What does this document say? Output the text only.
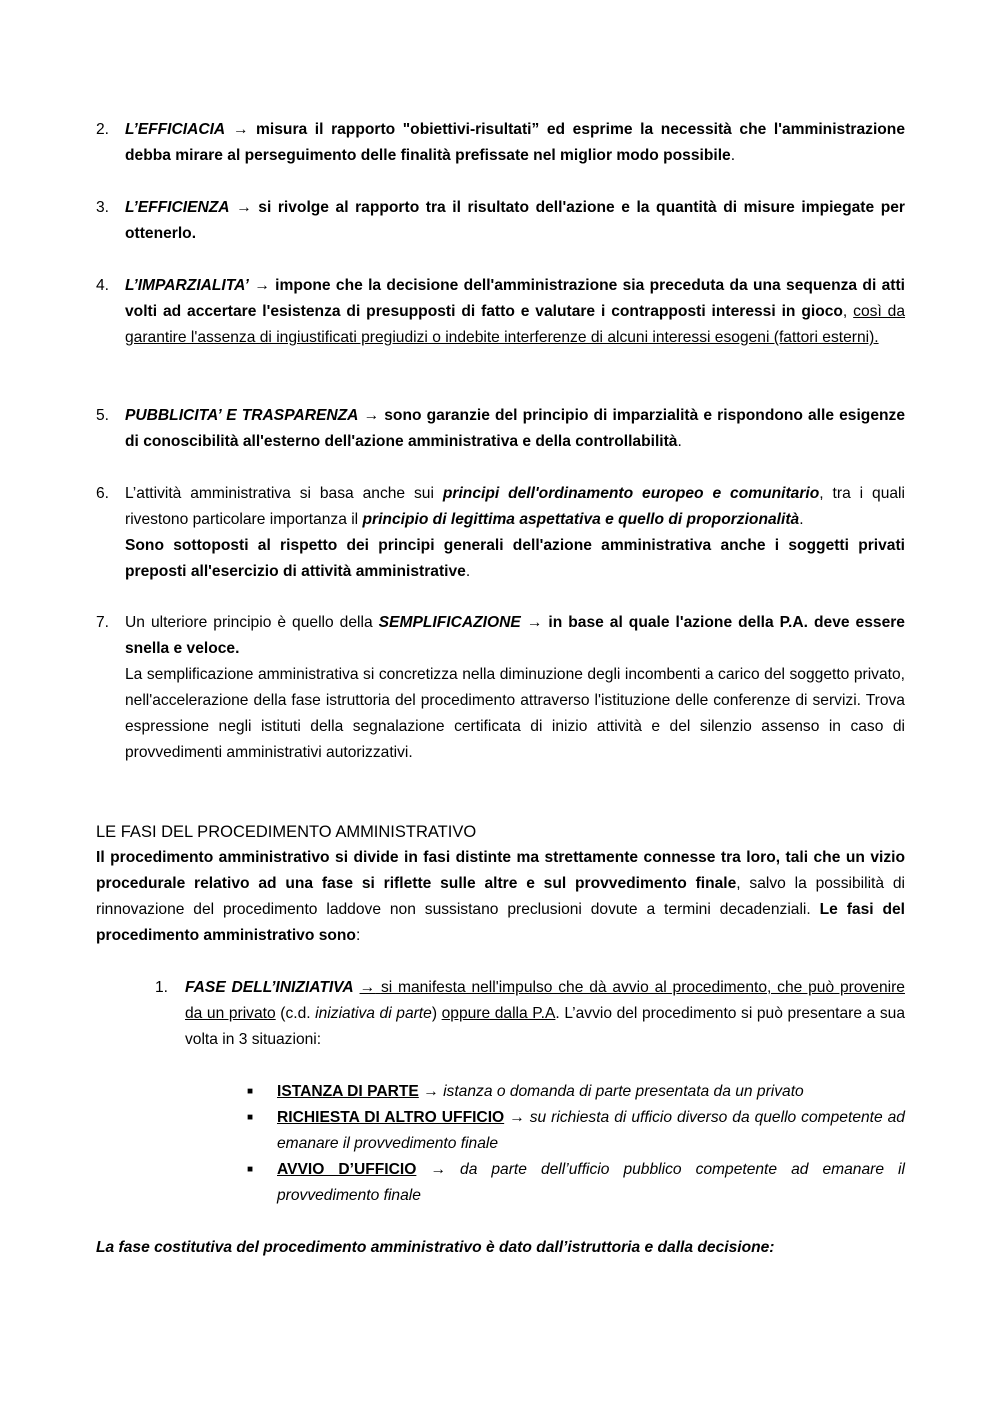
2.	L’EFFICIACIA → misura il rapporto "obiettivi-risultati” ed esprime la necessità che l'amministrazione debba mirare al perseguimento delle finalità prefissate nel miglior modo possibile.
3.	L’EFFICIENZA → si rivolge al rapporto tra il risultato dell'azione e la quantità di misure impiegate per ottenerlo.
4.	L’IMPARZIALITA’ → impone che la decisione dell'amministrazione sia preceduta da una sequenza di atti volti ad accertare l'esistenza di presupposti di fatto e valutare i contrapposti interessi in gioco, così da garantire l'assenza di ingiustificati pregiudizi o indebite interferenze di alcuni interessi esogeni (fattori esterni).
5.	PUBBLICITA’ E TRASPARENZA → sono garanzie del principio di imparzialità e rispondono alle esigenze di conoscibilità all'esterno dell'azione amministrativa e della controllabilità.
6.	L’attività amministrativa si basa anche sui principi dell'ordinamento europeo e comunitario, tra i quali rivestono particolare importanza il principio di legittima aspettativa e quello di proporzionalità.
Sono sottoposti al rispetto dei principi generali dell'azione amministrativa anche i soggetti privati preposti all'esercizio di attività amministrative.
7.	Un ulteriore principio è quello della SEMPLIFICAZIONE → in base al quale l'azione della P.A. deve essere snella e veloce.
La semplificazione amministrativa si concretizza nella diminuzione degli incombenti a carico del soggetto privato, nell'accelerazione della fase istruttoria del procedimento attraverso l'istituzione delle conferenze di servizi. Trova espressione negli istituti della segnalazione certificata di inizio attività e del silenzio assenso in caso di provvedimenti amministrativi autorizzativi.
LE FASI DEL PROCEDIMENTO AMMINISTRATIVO
Il procedimento amministrativo si divide in fasi distinte ma strettamente connesse tra loro, tali che un vizio procedurale relativo ad una fase si riflette sulle altre e sul provvedimento finale, salvo la possibilità di rinnovazione del procedimento laddove non sussistano preclusioni dovute a termini decadenziali. Le fasi del procedimento amministrativo sono:
1.	FASE DELL’INIZIATIVA → si manifesta nell'impulso che dà avvio al procedimento, che può provenire da un privato (c.d. iniziativa di parte) oppure dalla P.A. L’avvio del procedimento si può presentare a sua volta in 3 situazioni:
■ ISTANZA DI PARTE → istanza o domanda di parte presentata da un privato
■ RICHIESTA DI ALTRO UFFICIO → su richiesta di ufficio diverso da quello competente ad emanare il provvedimento finale
■ AVVIO D’UFFICIO → da parte dell’ufficio pubblico competente ad emanare il provvedimento finale
La fase costitutiva del procedimento amministrativo è dato dall’istruttoria e dalla decisione:
